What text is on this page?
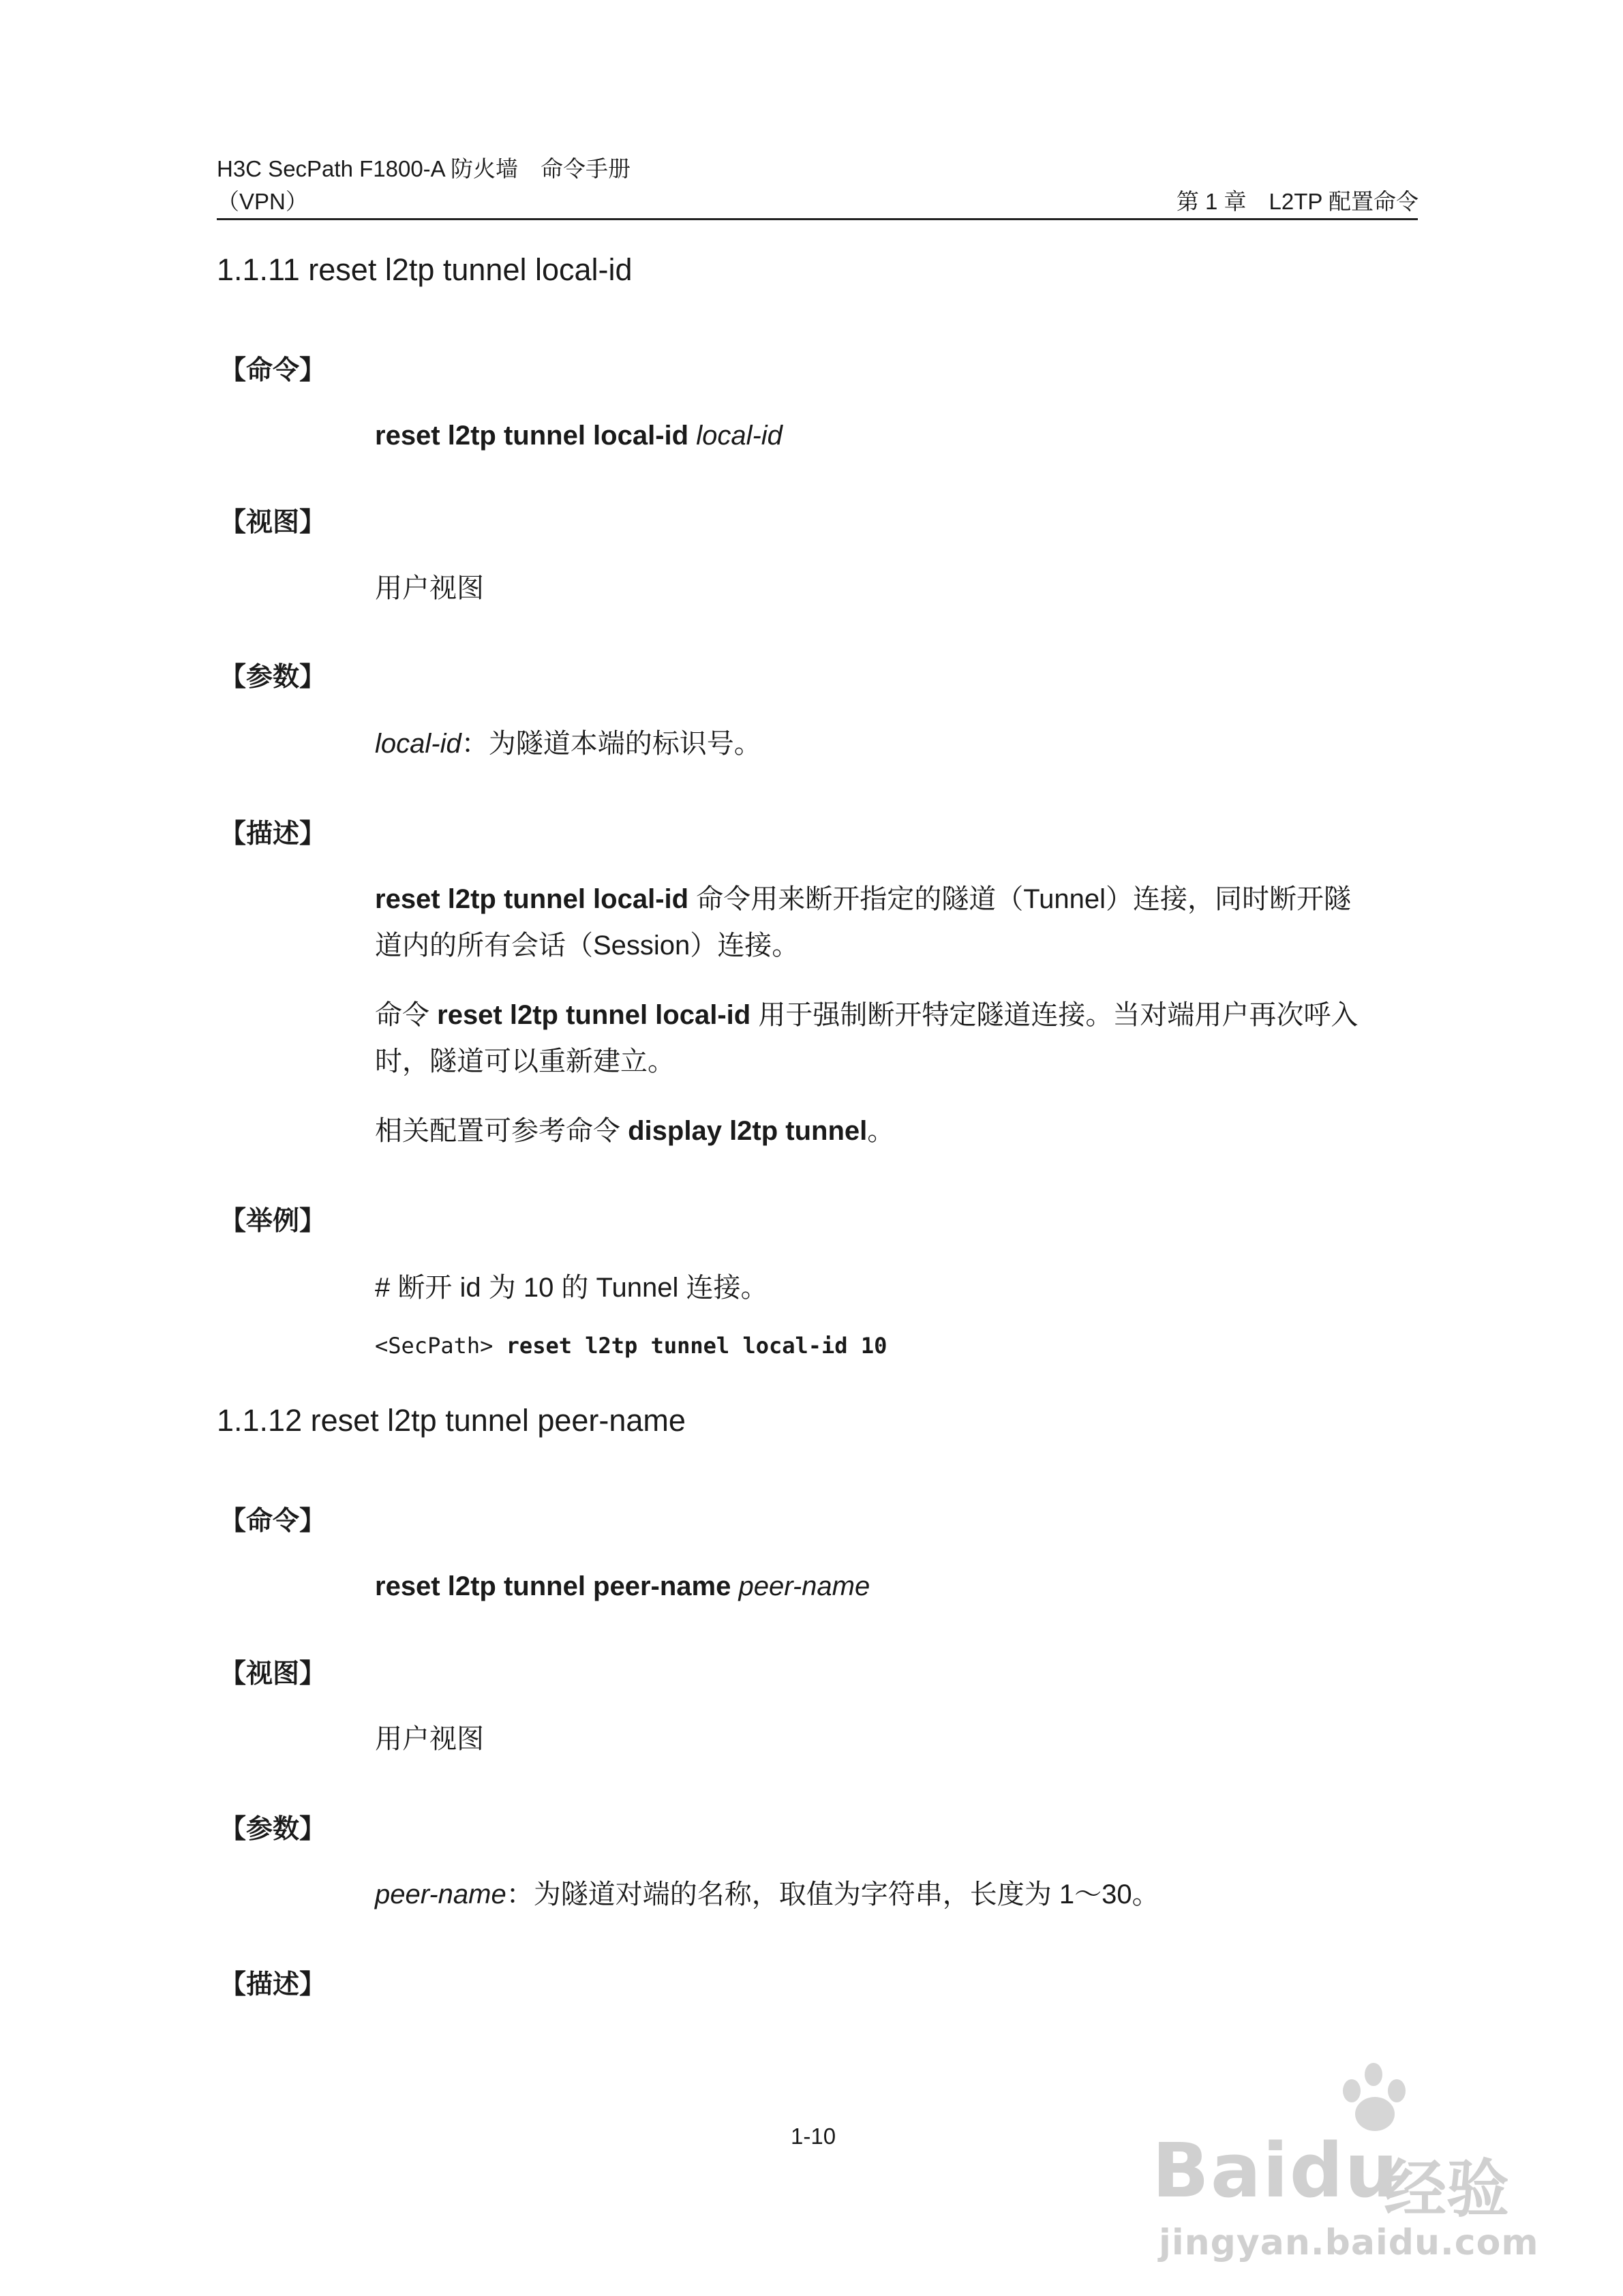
H3C SecPath F1800-A 防火墙　命令手册
（VPN）	第 1 章　L2TP 配置命令
1.1.11 reset l2tp tunnel local-id
【命令】
reset l2tp tunnel local-id local-id
【视图】
用户视图
【参数】
local-id：为隧道本端的标识号。
【描述】
reset l2tp tunnel local-id 命令用来断开指定的隧道（Tunnel）连接，同时断开隧
道内的所有会话（Session）连接。
命令 reset l2tp tunnel local-id 用于强制断开特定隧道连接。当对端用户再次呼入
时，隧道可以重新建立。
相关配置可参考命令 display l2tp tunnel。
【举例】
# 断开 id 为 10 的 Tunnel 连接。
<SecPath> reset l2tp tunnel local-id 10
1.1.12 reset l2tp tunnel peer-name
【命令】
reset l2tp tunnel peer-name peer-name
【视图】
用户视图
【参数】
peer-name：为隧道对端的名称，取值为字符串，长度为 1～30。
【描述】
1-10	Baidu
经验
jingyan.baidu.com
